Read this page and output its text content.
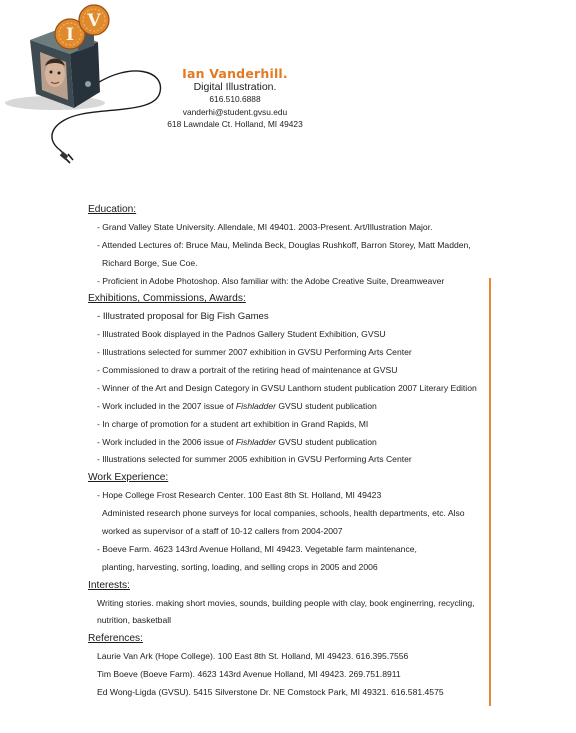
I
V
Ian Vanderhill.
Digital Illustration.
616.510.6888
vanderhi@student.gvsu.edu
618 Lawndale Ct. Holland, MI 49423
Education:
- Grand Valley State University. Allendale, MI 49401. 2003-Present. Art/Illustration Major.
- Attended Lectures of: Bruce Mau, Melinda Beck, Douglas Rushkoff, Barron Storey, Matt Madden,
Richard Borge, Sue Coe.
- Proficient in Adobe Photoshop. Also familiar with: the Adobe Creative Suite, Dreamweaver
Exhibitions, Commissions, Awards:
- Illustrated proposal for Big Fish Games
- Illustrated Book displayed in the Padnos Gallery Student Exhibition, GVSU
- Illustrations selected for summer 2007 exhibition in GVSU Performing Arts Center
- Commissioned to draw a portrait of the retiring head of maintenance at GVSU
- Winner of the Art and Design Category in GVSU Lanthorn student publication 2007 Literary Edition
- Work included in the 2007 issue of Fishladder GVSU student publication
- In charge of promotion for a student art exhibition in Grand Rapids, MI
- Work included in the 2006 issue of Fishladder GVSU student publication
- Illustrations selected for summer 2005 exhibition in GVSU Performing Arts Center
Work Experience:
- Hope College Frost Research Center. 100 East 8th St. Holland, MI 49423
Administed research phone surveys for local companies, schools, health departments, etc. Also
worked as supervisor of a staff of 10-12 callers from 2004-2007
- Boeve Farm. 4623 143rd Avenue Holland, MI 49423. Vegetable farm maintenance,
planting, harvesting, sorting, loading, and selling crops in 2005 and 2006
Interests:
Writing stories. making short movies, sounds, building people with clay, book enginerring, recycling,
nutrition, basketball
References:
Laurie Van Ark (Hope College). 100 East 8th St. Holland, MI 49423. 616.395.7556
Tim Boeve (Boeve Farm). 4623 143rd Avenue Holland, MI 49423. 269.751.8911
Ed Wong-Ligda (GVSU). 5415 Silverstone Dr. NE Comstock Park, MI 49321. 616.581.4575
